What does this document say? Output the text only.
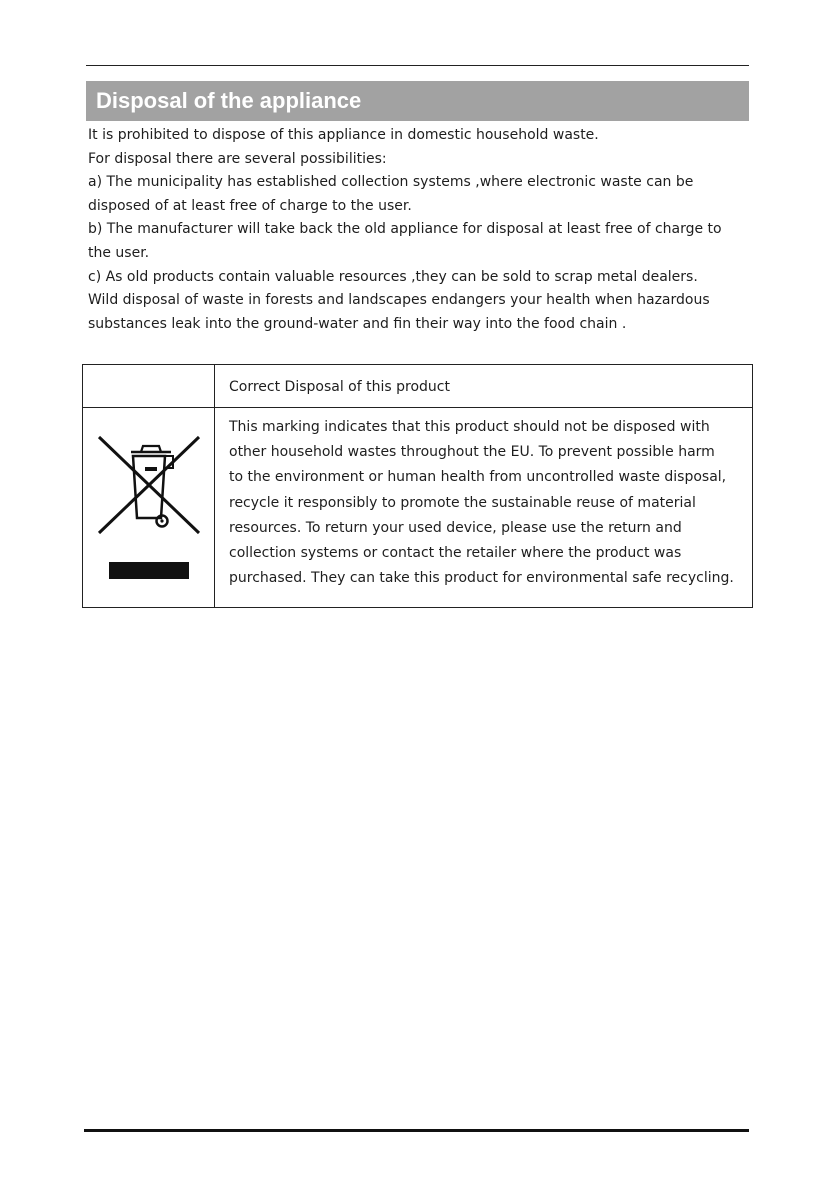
Disposal of the appliance

It is prohibited to dispose of this appliance in domestic household waste.

For disposal there are several possibilities:

a) The municipality has established collection systems ,where electronic waste can be

disposed of at least free of charge to the user.

b) The manufacturer will take back the old appliance for disposal at least free of charge to

the user.

c) As old products contain valuable resources ,they can be sold to scrap metal dealers.

Wild disposal of waste in forests and landscapes endangers your health when hazardous

substances leak into the ground-water and fin their way into the food chain .

Correct Disposal of this product
This marking indicates that this product should not be disposed with
other household wastes throughout the EU. To prevent possible harm
to the environment or human health from uncontrolled waste disposal,
recycle it responsibly to promote the sustainable reuse of material
resources. To return your used device, please use the return and
collection systems or contact the retailer where the product was
purchased. They can take this product for environmental safe recycling.
